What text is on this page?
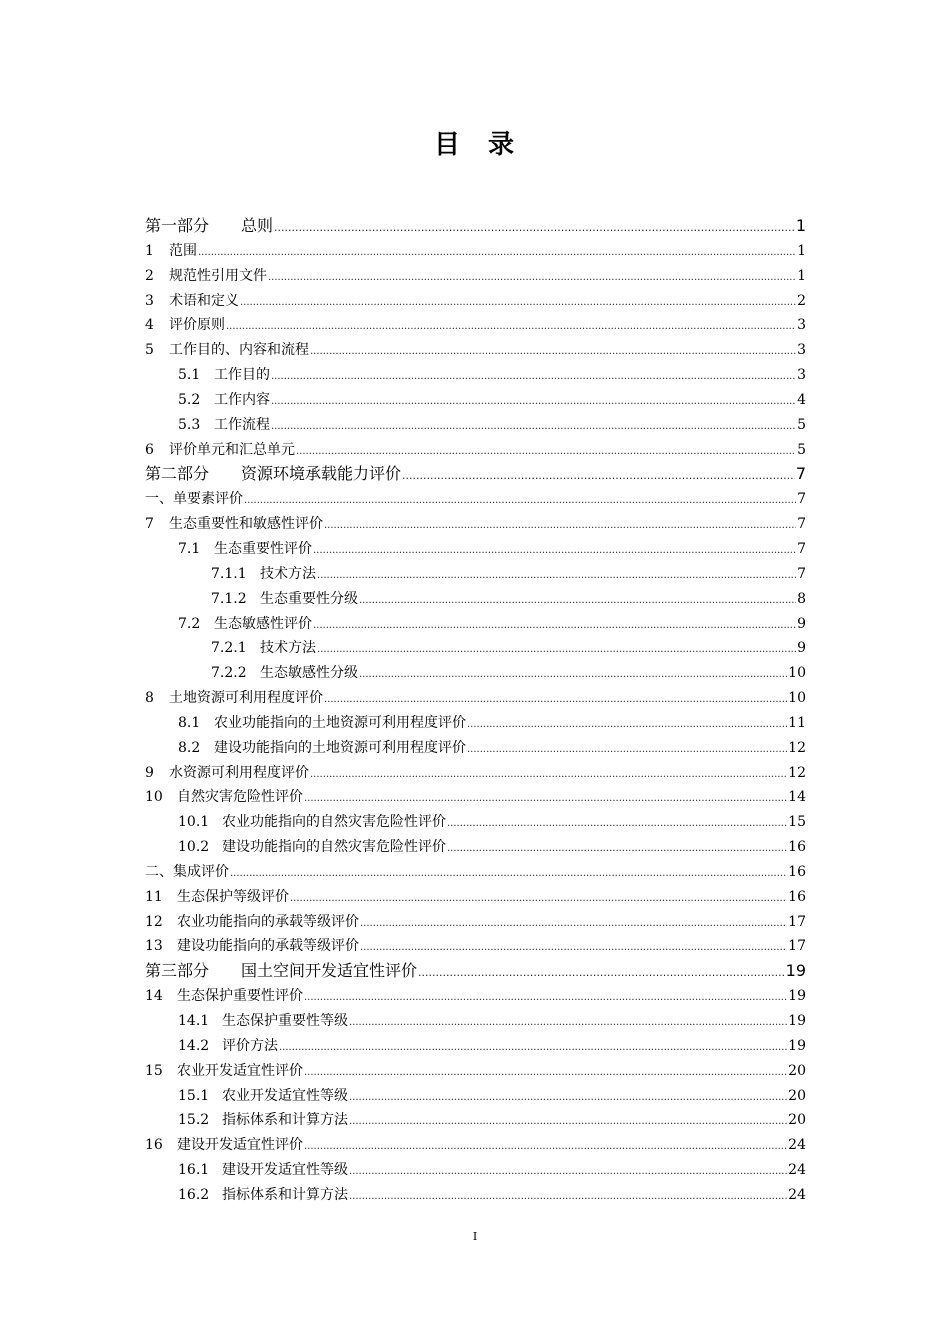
目 录
第一部分	总则 .....	1
1	范围 .....	1
2	规范性引用文件 .....	1
3	术语和定义 .....	2
4	评价原则 .....	3
5	工作目的、内容和流程 .....	3
5.1 工作目的 .....	3
5.2 工作内容 .....	4
5.3 工作流程 .....	5
6	评价单元和汇总单元 .....	5
第二部分	资源环境承载能力评价 .....	7
一、单要素评价 .....	7
7	生态重要性和敏感性评价 .....	7
7.1 生态重要性评价 .....	7
7.1.1 技术方法 .....	7
7.1.2 生态重要性分级 .....	8
7.2 生态敏感性评价 .....	9
7.2.1 技术方法 .....	9
7.2.2 生态敏感性分级 .....	10
8	土地资源可利用程度评价 .....	10
8.1 农业功能指向的土地资源可利用程度评价 .....	11
8.2 建设功能指向的土地资源可利用程度评价 .....	12
9	水资源可利用程度评价 .....	12
10	自然灾害危险性评价 .....	14
10.1 农业功能指向的自然灾害危险性评价 .....	15
10.2 建设功能指向的自然灾害危险性评价 .....	16
二、集成评价 .....	16
11	生态保护等级评价 .....	16
12	农业功能指向的承载等级评价 .....	17
13	建设功能指向的承载等级评价 .....	17
第三部分	国土空间开发适宜性评价 .....	19
14	生态保护重要性评价 .....	19
14.1 生态保护重要性等级 .....	19
14.2 评价方法 .....	19
15	农业开发适宜性评价 .....	20
15.1 农业开发适宜性等级 .....	20
15.2 指标体系和计算方法 .....	20
16	建设开发适宜性评价 .....	24
16.1 建设开发适宜性等级 .....	24
16.2 指标体系和计算方法 .....	24
I
